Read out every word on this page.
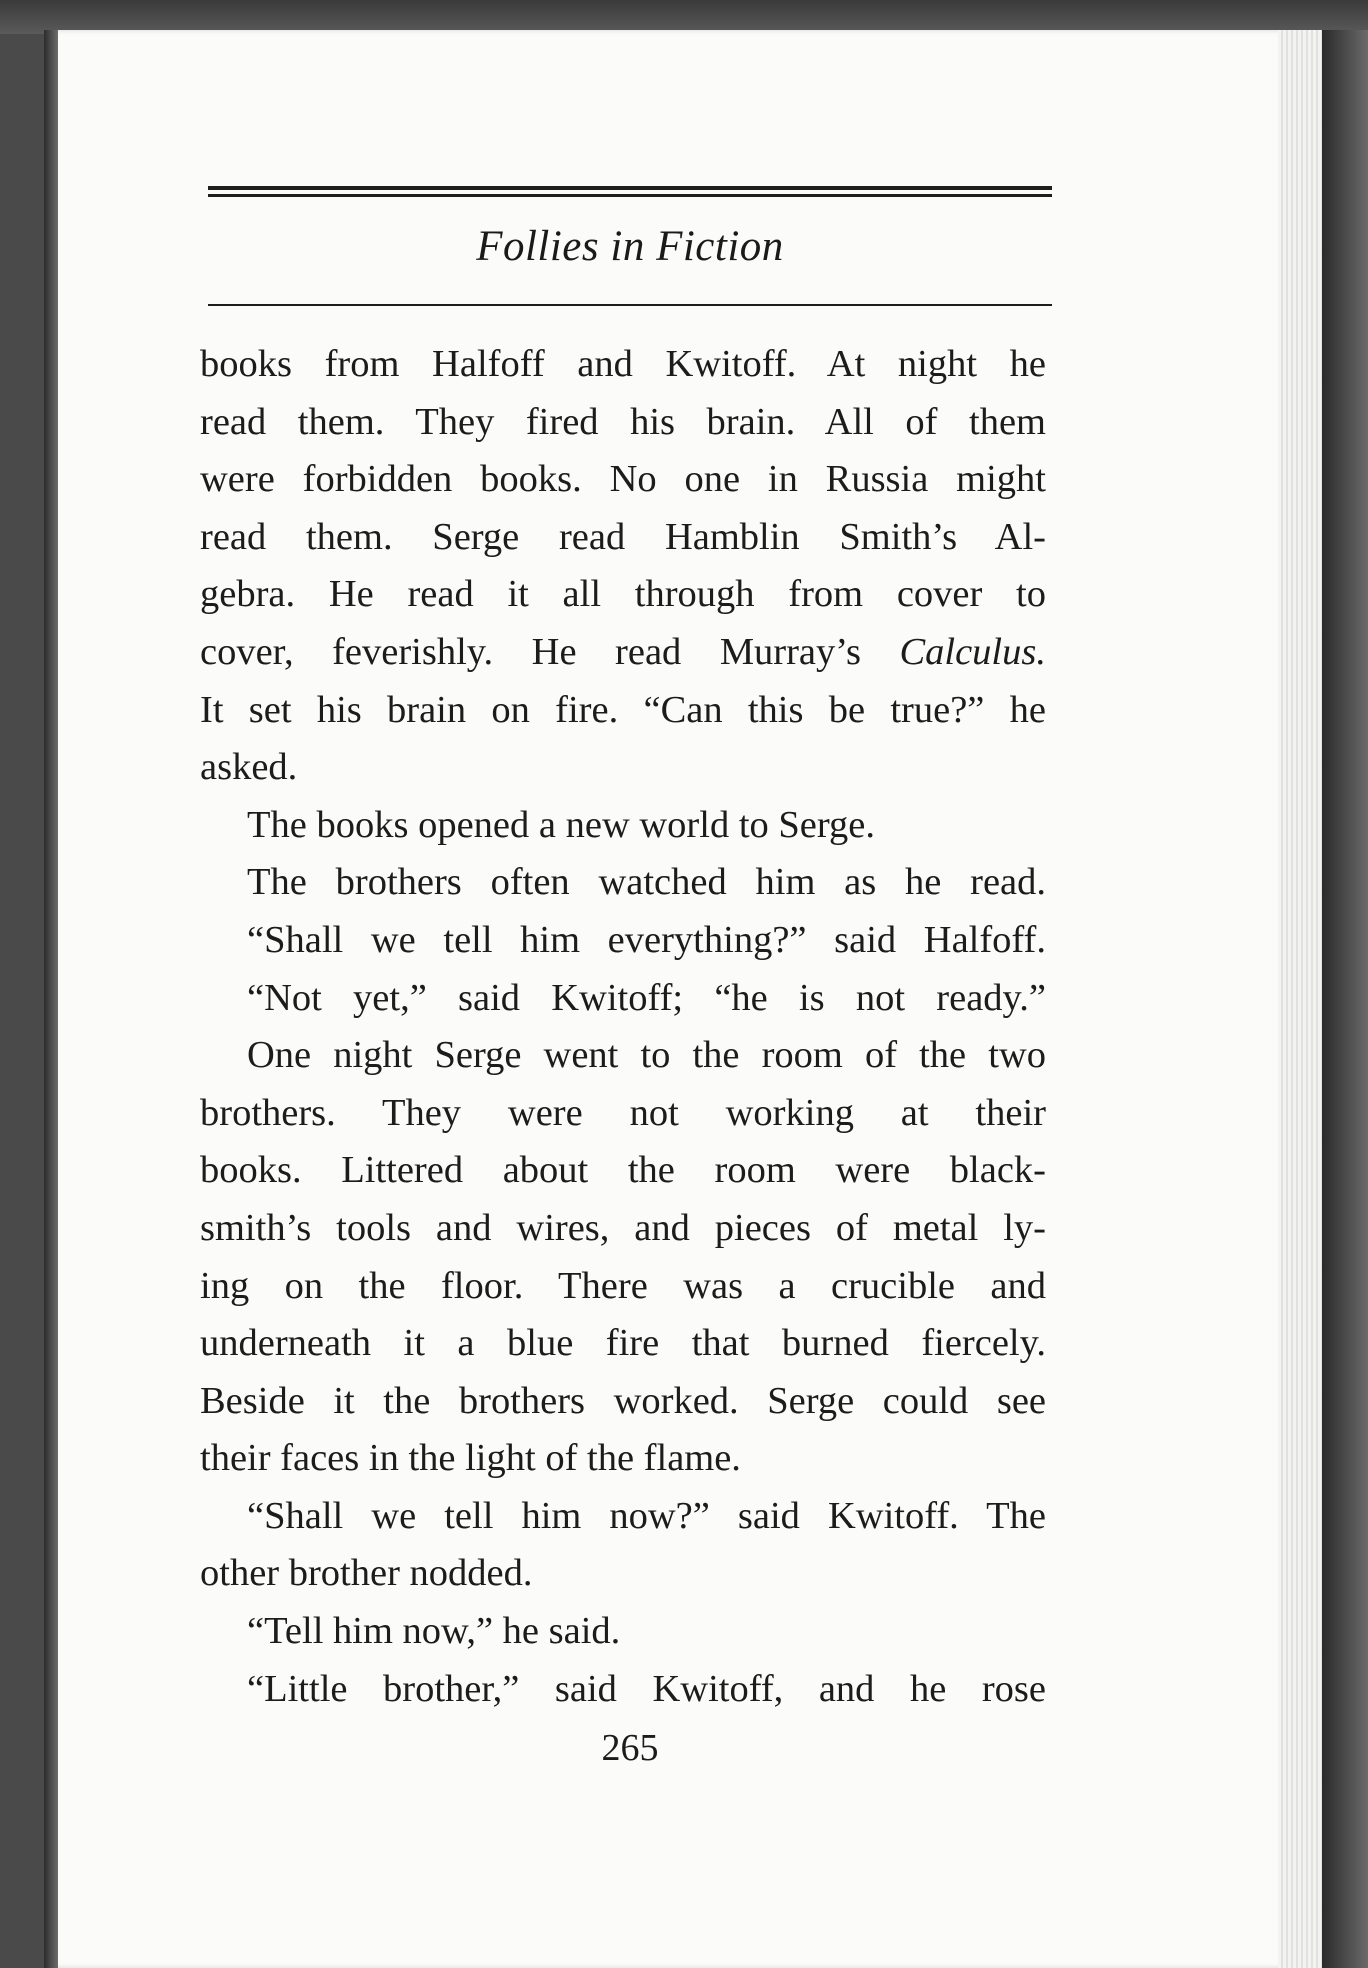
Follies in Fiction
books from Halfoff and Kwitoff. At night he
read them. They fired his brain. All of them
were forbidden books. No one in Russia might
read them. Serge read Hamblin Smith’s Al-
gebra. He read it all through from cover to
cover, feverishly. He read Murray’s Calculus.
It set his brain on fire. “Can this be true?” he
asked.
The books opened a new world to Serge.
The brothers often watched him as he read.
“Shall we tell him everything?” said Halfoff.
“Not yet,” said Kwitoff; “he is not ready.”
One night Serge went to the room of the two
brothers. They were not working at their
books. Littered about the room were black-
smith’s tools and wires, and pieces of metal ly-
ing on the floor. There was a crucible and
underneath it a blue fire that burned fiercely.
Beside it the brothers worked. Serge could see
their faces in the light of the flame.
“Shall we tell him now?” said Kwitoff. The
other brother nodded.
“Tell him now,” he said.
“Little brother,” said Kwitoff, and he rose
265
